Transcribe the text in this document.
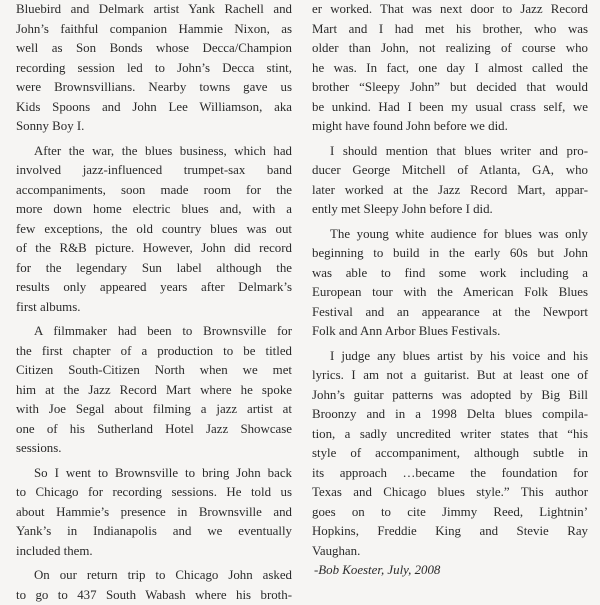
Bluebird and Delmark artist Yank Rachell and
John’s faithful companion Hammie Nixon, as
well as Son Bonds whose Decca/Champion
recording session led to John’s Decca stint,
were Brownsvillians. Nearby towns gave us
Kids Spoons and John Lee Williamson, aka
Sonny Boy I.
After the war, the blues business, which had
involved jazz-influenced trumpet-sax band
accompaniments, soon made room for the
more down home electric blues and, with a
few exceptions, the old country blues was out
of the R&B picture. However, John did record
for the legendary Sun label although the
results only appeared years after Delmark’s
first albums.
A filmmaker had been to Brownsville for
the first chapter of a production to be titled
Citizen South-Citizen North when we met
him at the Jazz Record Mart where he spoke
with Joe Segal about filming a jazz artist at
one of his Sutherland Hotel Jazz Showcase
sessions.
So I went to Brownsville to bring John back
to Chicago for recording sessions. He told us
about Hammie’s presence in Brownsville and
Yank’s in Indianapolis and we eventually
included them.
On our return trip to Chicago John asked
to go to 437 South Wabash where his broth-
er worked. That was next door to Jazz Record
Mart and I had met his brother, who was
older than John, not realizing of course who
he was. In fact, one day I almost called the
brother “Sleepy John” but decided that would
be unkind. Had I been my usual crass self, we
might have found John before we did.
I should mention that blues writer and pro-
ducer George Mitchell of Atlanta, GA, who
later worked at the Jazz Record Mart, appar-
ently met Sleepy John before I did.
The young white audience for blues was only
beginning to build in the early 60s but John
was able to find some work including a
European tour with the American Folk Blues
Festival and an appearance at the Newport
Folk and Ann Arbor Blues Festivals.
I judge any blues artist by his voice and his
lyrics. I am not a guitarist. But at least one of
John’s guitar patterns was adopted by Big Bill
Broonzy and in a 1998 Delta blues compila-
tion, a sadly uncredited writer states that “his
style of accompaniment, although subtle in
its approach …became the foundation for
Texas and Chicago blues style.” This author
goes on to cite Jimmy Reed, Lightnin’
Hopkins, Freddie King and Stevie Ray
Vaughan.
-Bob Koester, July, 2008
